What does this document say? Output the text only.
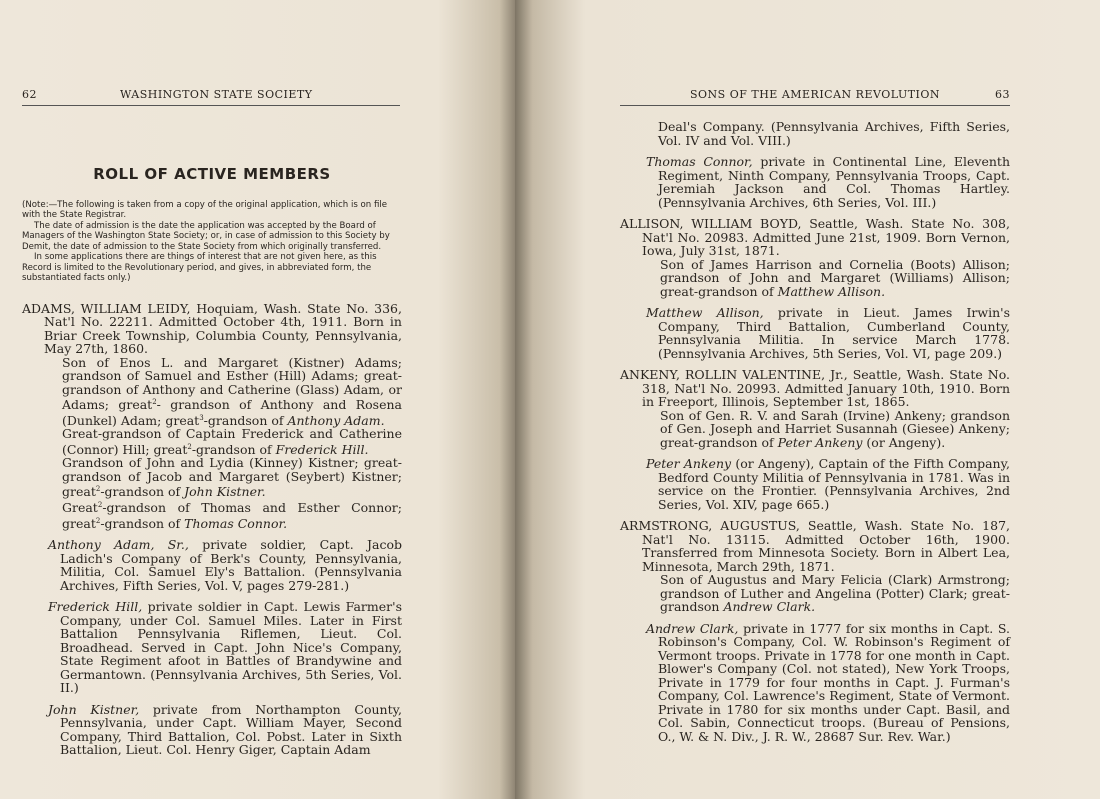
62	WASHINGTON STATE SOCIETY

ROLL OF ACTIVE MEMBERS

(Note:—The following is taken from a copy of the original application, which is on file with the State Registrar.

The date of admission is the date the application was accepted by the Board of Managers of the Washington State Society; or, in case of admission to this Society by Demit, the date of admission to the State Society from which originally transferred.

In some applications there are things of interest that are not given here, as this Record is limited to the Revolutionary period, and gives, in abbreviated form, the substantiated facts only.)

ADAMS, WILLIAM LEIDY, Hoquiam, Wash. State No. 336, Nat'l No. 22211. Admitted October 4th, 1911. Born in Briar Creek Township, Columbia County, Pennsylvania, May 27th, 1860.

Son of Enos L. and Margaret (Kistner) Adams; grandson of Samuel and Esther (Hill) Adams; great-grandson of Anthony and Catherine (Glass) Adam, or Adams; great$^2$- grandson of Anthony and Rosena (Dunkel) Adam; great$^3$-grandson of Anthony Adam.

Great-grandson of Captain Frederick and Catherine (Connor) Hill; great$^2$-grandson of Frederick Hill.

Grandson of John and Lydia (Kinney) Kistner; great-grandson of Jacob and Margaret (Seybert) Kistner; great$^2$-grandson of John Kistner.

Great$^2$-grandson of Thomas and Esther Connor; great$^2$-grandson of Thomas Connor.

Anthony Adam, Sr., private soldier, Capt. Jacob Ladich's Company of Berk's County, Pennsylvania, Militia, Col. Samuel Ely's Battalion. (Pennsylvania Archives, Fifth Series, Vol. V, pages 279-281.)

Frederick Hill, private soldier in Capt. Lewis Farmer's Company, under Col. Samuel Miles. Later in First Battalion Pennsylvania Riflemen, Lieut. Col. Broadhead. Served in Capt. John Nice's Company, State Regiment afoot in Battles of Brandywine and Germantown. (Pennsylvania Archives, 5th Series, Vol. II.)

John Kistner, private from Northampton County, Pennsylvania, under Capt. William Mayer, Second Company, Third Battalion, Col. Pobst. Later in Sixth Battalion, Lieut. Col. Henry Giger, Captain Adam

SONS OF THE AMERICAN REVOLUTION	63

Deal's Company. (Pennsylvania Archives, Fifth Series, Vol. IV and Vol. VIII.)

Thomas Connor, private in Continental Line, Eleventh Regiment, Ninth Company, Pennsylvania Troops, Capt. Jeremiah Jackson and Col. Thomas Hartley. (Pennsylvania Archives, 6th Series, Vol. III.)

ALLISON, WILLIAM BOYD, Seattle, Wash. State No. 308, Nat'l No. 20983. Admitted June 21st, 1909. Born Vernon, Iowa, July 31st, 1871.

Son of James Harrison and Cornelia (Boots) Allison; grandson of John and Margaret (Williams) Allison; great-grandson of Matthew Allison.

Matthew Allison, private in Lieut. James Irwin's Company, Third Battalion, Cumberland County, Pennsylvania Militia. In service March 1778. (Pennsylvania Archives, 5th Series, Vol. VI, page 209.)

ANKENY, ROLLIN VALENTINE, Jr., Seattle, Wash. State No. 318, Nat'l No. 20993. Admitted January 10th, 1910. Born in Freeport, Illinois, September 1st, 1865.

Son of Gen. R. V. and Sarah (Irvine) Ankeny; grandson of Gen. Joseph and Harriet Susannah (Giesee) Ankeny; great-grandson of Peter Ankeny (or Angeny).

Peter Ankeny (or Angeny), Captain of the Fifth Company, Bedford County Militia of Pennsylvania in 1781. Was in service on the Frontier. (Pennsylvania Archives, 2nd Series, Vol. XIV, page 665.)

ARMSTRONG, AUGUSTUS, Seattle, Wash. State No. 187, Nat'l No. 13115. Admitted October 16th, 1900. Transferred from Minnesota Society. Born in Albert Lea, Minnesota, March 29th, 1871.

Son of Augustus and Mary Felicia (Clark) Armstrong; grandson of Luther and Angelina (Potter) Clark; great-grandson Andrew Clark.

Andrew Clark, private in 1777 for six months in Capt. S. Robinson's Company, Col. W. Robinson's Regiment of Vermont troops. Private in 1778 for one month in Capt. Blower's Company (Col. not stated), New York Troops, Private in 1779 for four months in Capt. J. Furman's Company, Col. Lawrence's Regiment, State of Vermont. Private in 1780 for six months under Capt. Basil, and Col. Sabin, Connecticut troops. (Bureau of Pensions, O., W. & N. Div., J. R. W., 28687 Sur. Rev. War.)
